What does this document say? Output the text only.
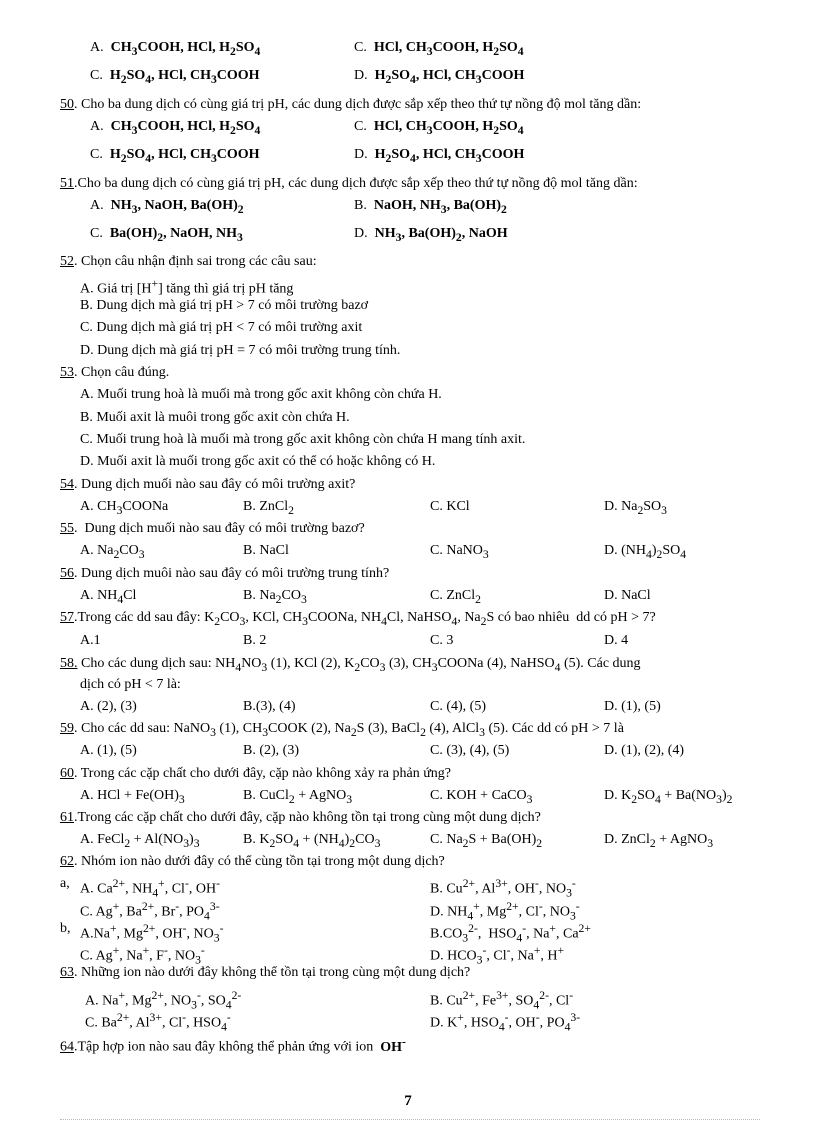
A.  $CH_3COOH$, HCl, $H_2SO_4$	C.  HCl, $CH_3COOH$, $H_2SO_4$
C.  $H_2SO_4$, HCl, $CH_3COOH$	D.  $H_2SO_4$, HCl, $CH_3COOH$
50. Cho ba dung dịch có cùng giá trị pH, các dung dịch được sắp xếp theo thứ tự nồng độ mol tăng dần:
A.  $CH_3COOH$, HCl, $H_2SO_4$	C.  HCl, $CH_3COOH$, $H_2SO_4$
C.  $H_2SO_4$, HCl, $CH_3COOH$	D.  $H_2SO_4$, HCl, $CH_3COOH$
51.Cho ba dung dịch có cùng giá trị pH, các dung dịch được sắp xếp theo thứ tự nồng độ mol tăng dần:
A.  $NH_3$, NaOH, $Ba(OH)_2$	B.  NaOH, $NH_3$, $Ba(OH)_2$
C.  $Ba(OH)_2$, NaOH, $NH_3$	D.  $NH_3$, $Ba(OH)_2$, NaOH
52. Chọn câu nhận định sai trong các câu sau:
A. Giá trị [H+] tăng thì giá trị pH tăng
B. Dung dịch mà giá trị pH > 7 có môi trường bazơ
C. Dung dịch mà giá trị pH < 7 có môi trường axit
D. Dung dịch mà giá trị pH = 7 có môi trường trung tính.
53. Chọn câu đúng.
A. Muối trung hoà là muối mà trong gốc axit không còn chứa H.
B. Muối axit là muôi trong gốc axit còn chứa H.
C. Muối trung hoà là muối mà trong gốc axit không còn chứa H mang tính axit.
D. Muối axit là muối trong gốc axit có thể có hoặc không có H.
54. Dung dịch muối nào sau đây có môi trường axit?
A. $CH_3COONa$	B. ZnCl$_2$	C. KCl	D. $Na_2SO_3$
55.  Dung dịch muối nào sau đây có môi trường bazơ?
A. $Na_2CO_3$	B. NaCl	C. NaNO$_3$	D. $(NH_4)_2SO_4$
56. Dung dịch muôi nào sau đây có môi trường trung tính?
A. $NH_4Cl$	B. $Na_2CO_3$	C. ZnCl$_2$	D. NaCl
57.Trong các dd sau đây: $K_2CO_3$, KCl, $CH_3COONa$, $NH_4Cl$, NaHSO$_4$, $Na_2S$ có bao nhiêu  dd có pH > 7?
A.1	B. 2	C. 3	D. 4
58. Cho các dung dịch sau: $NH_4NO_3$ (1), KCl (2), $K_2CO_3$ (3), $CH_3COONa$ (4), NaHSO$_4$ (5). Các dung
dịch có pH < 7 là:
A. (2), (3)	B.(3), (4)	C. (4), (5)	D. (1), (5)
59. Cho các dd sau: NaNO$_3$ (1), $CH_3COOK$ (2), $Na_2S$ (3), BaCl$_2$ (4), AlCl$_3$ (5). Các dd có pH > 7 là
A. (1), (5)	B. (2), (3)	C. (3), (4), (5)	D. (1), (2), (4)
60. Trong các cặp chất cho dưới đây, cặp nào không xảy ra phản ứng?
A. HCl + $Fe(OH)_3$	B. CuCl$_2$ + AgNO$_3$	C. KOH + CaCO$_3$	D. $K_2SO_4 + Ba(NO_3)_2$
61.Trong các cặp chất cho dưới đây, cặp nào không tồn tại trong cùng một dung dịch?
A. FeCl$_2$ + $Al(NO_3)_3$	B. $K_2SO_4 + (NH_4)_2CO_3$	C. $Na_2S + Ba(OH)_2$	D. ZnCl$_2$ + AgNO$_3$
62. Nhóm ion nào dưới đây có thể cùng tồn tại trong một dung dịch?
a, A. $Ca^{2+}$, $NH_4^+$, Cl-, OH-	B. $Cu^{2+}$, $Al^{3+}$, OH-, $NO_3^-$
C. Ag+, $Ba^{2+}$, Br-, $PO_4^{3-}$	D. $NH_4^+$, $Mg^{2+}$, Cl-, $NO_3^-$
b, A.Na+, $Mg^{2+}$, OH-, $NO_3^-$	$B.CO_3^{2-}$,  $HSO_4^-$, Na+, $Ca^{2+}$
C. Ag+, Na+, F-, $NO_3^-$	D. $HCO_3^-$, Cl-, Na+, H+
63. Những ion nào dưới đây không thể tồn tại trong cùng một dung dịch?
A. Na+, $Mg^{2+}$, $NO_3^-$, $SO_4^{2-}$	B. $Cu^{2+}$, $Fe^{3+}$, $SO_4^{2-}$, Cl-
C. $Ba^{2+}$, $Al^{3+}$, Cl-, $HSO_4^-$	D. K+, $HSO_4^-$, OH-, $PO_4^{3-}$
64.Tập hợp ion nào sau đây không thể phản ứng với ion  OH-
7
